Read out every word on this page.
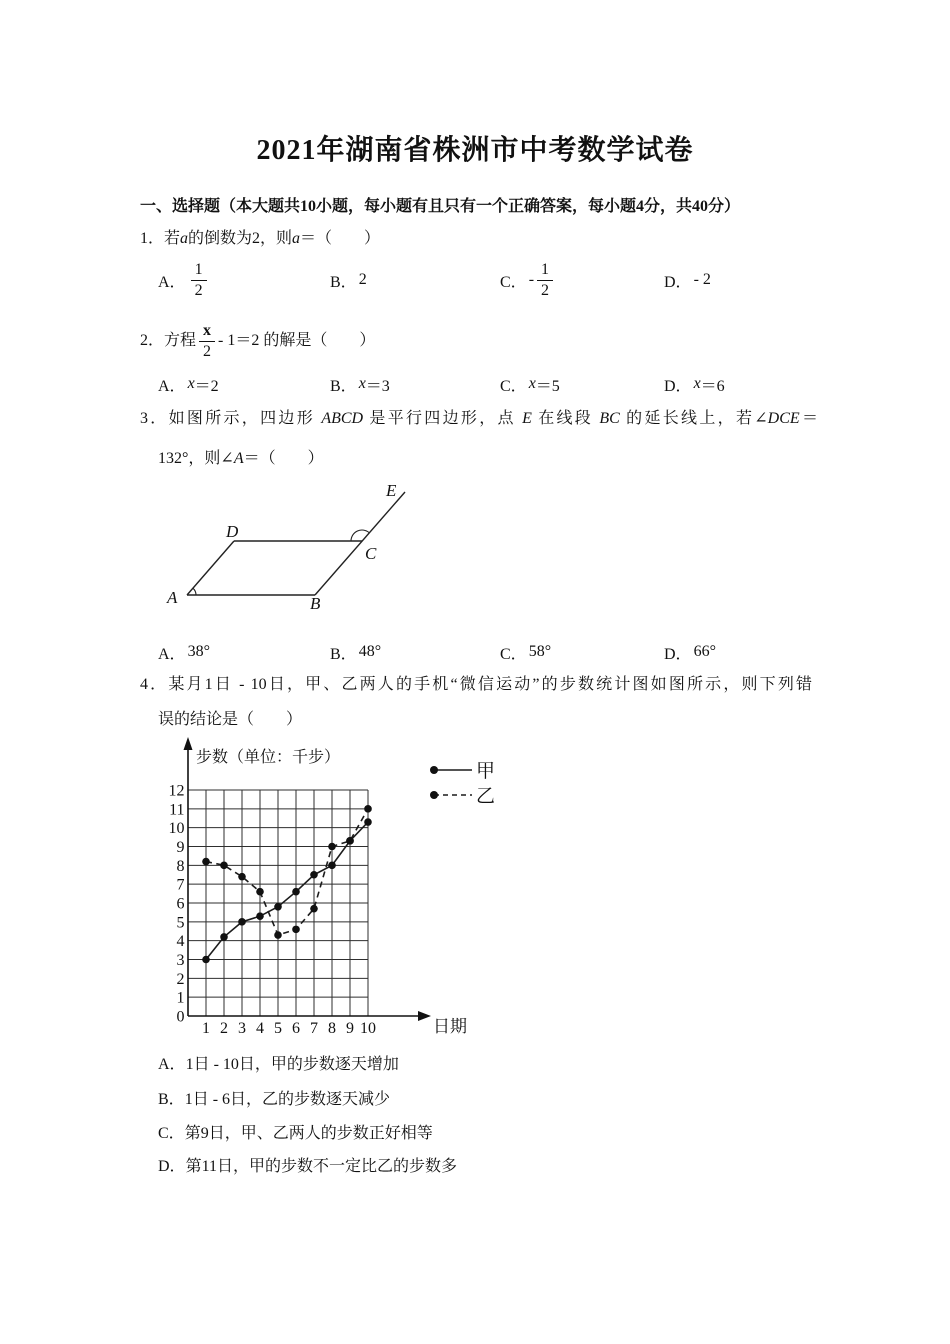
2021年湖南省株洲市中考数学试卷
一、选择题（本大题共10小题，每小题有且只有一个正确答案，每小题4分，共40分）
1．若 a 的倒数为2，则 a ＝（　　）
A． $\frac{1}{2}$	B． 2	C． - $\frac{1}{2}$	D． - 2
2．方程 $\frac{x}{2} - 1=2$ 的解是（　　）
A． x ＝2	B． x ＝3	C． x ＝5	D． x ＝6
3．如图所示，四边形 ABCD 是平行四边形，点 E 在线段 BC 的延长线上，若∠DCE＝
132°，则∠A＝（　　）
A	B
C
D
E
A． 38°	B． 48°	C． 58°	D． 66°
4．某月1日 - 10日，甲、乙两人的手机“微信运动”的步数统计图如图所示，则下列错
误的结论是（　　）
0
1
2
3
4
5
6
7
8
9
10
11
12
1 2 3 4 5 6 7 8 9 10
步数（单位：千步）
日期
甲
乙
A．1日 - 10日，甲的步数逐天增加
B．1日 - 6日，乙的步数逐天减少
C．第9日，甲、乙两人的步数正好相等
D．第11日，甲的步数不一定比乙的步数多
